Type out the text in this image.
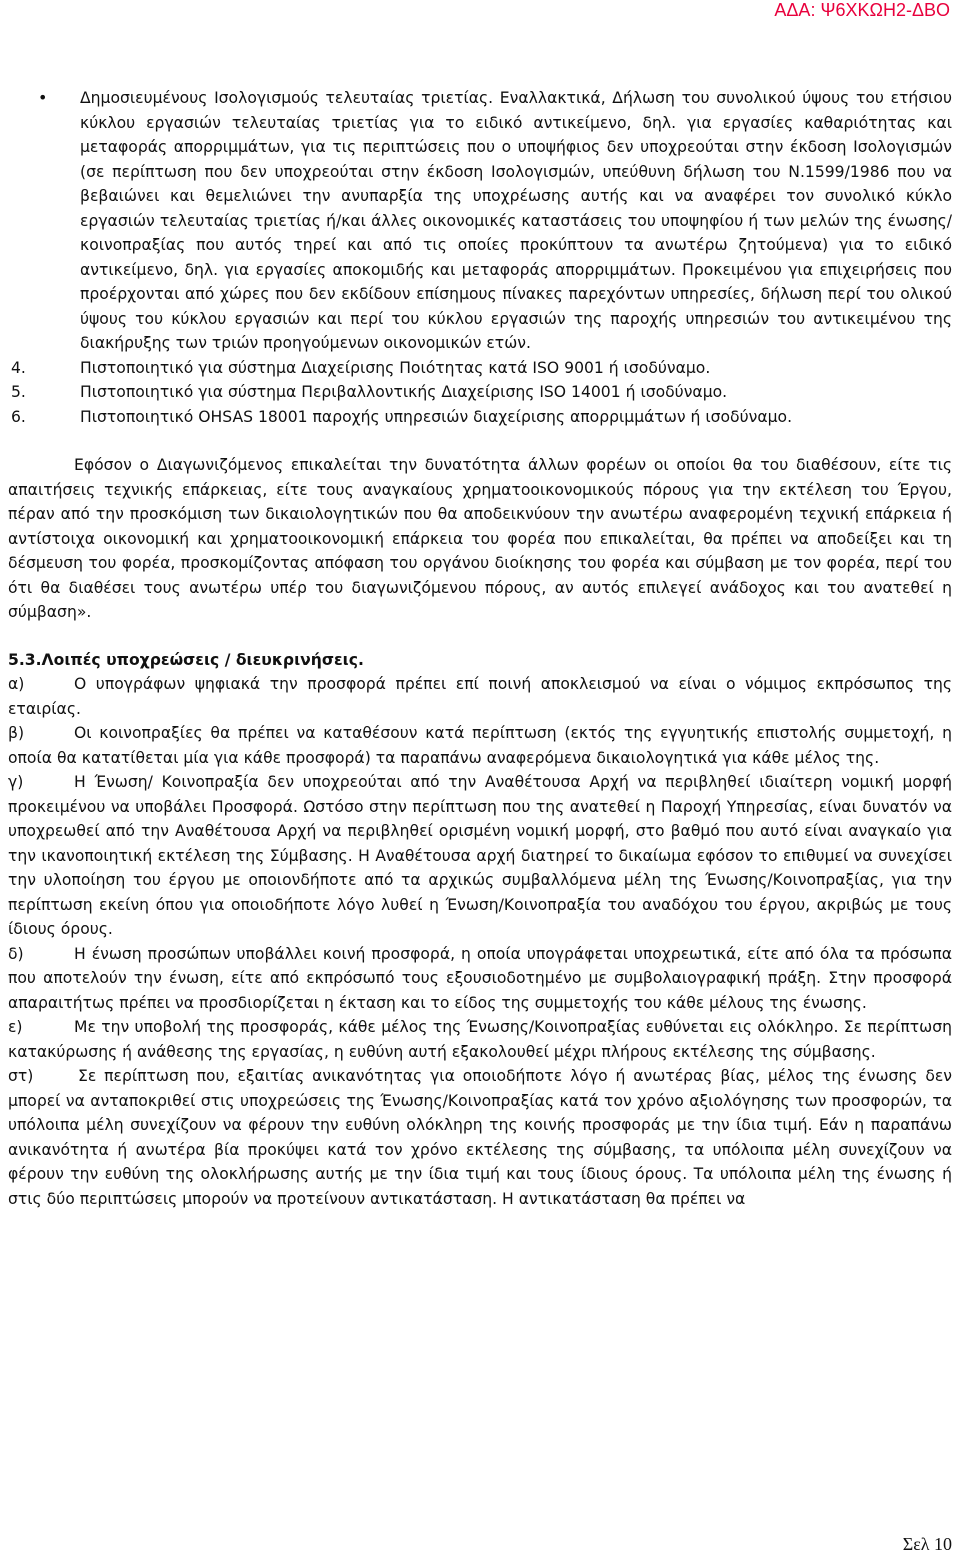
ΑΔΑ: Ψ6ΧΚΩΗ2-ΔΒΟ

• Δημοσιευμένους Ισολογισμούς τελευταίας τριετίας. Εναλλακτικά, Δήλωση του συνολικού ύψους του ετήσιου κύκλου εργασιών τελευταίας τριετίας για το ειδικό αντικείμενο, δηλ. για εργασίες καθαριότητας και μεταφοράς απορριμμάτων, για τις περιπτώσεις που ο υποψήφιος δεν υποχρεούται στην έκδοση Ισολογισμών (σε περίπτωση που δεν υποχρεούται στην έκδοση Ισολογισμών, υπεύθυνη δήλωση του Ν.1599/1986 που να βεβαιώνει και θεμελιώνει την ανυπαρξία της υποχρέωσης αυτής και να αναφέρει τον συνολικό κύκλο εργασιών τελευταίας τριετίας ή/και άλλες οικονομικές καταστάσεις του υποψηφίου ή των μελών της ένωσης/ κοινοπραξίας που αυτός τηρεί και από τις οποίες προκύπτουν τα ανωτέρω ζητούμενα) για το ειδικό αντικείμενο, δηλ. για εργασίες αποκομιδής και μεταφοράς απορριμμάτων. Προκειμένου για επιχειρήσεις που προέρχονται από χώρες που δεν εκδίδουν επίσημους πίνακες παρεχόντων υπηρεσίες, δήλωση περί του ολικού ύψους του κύκλου εργασιών και περί του κύκλου εργασιών της παροχής υπηρεσιών του αντικειμένου της διακήρυξης των τριών προηγούμενων οικονομικών ετών.

4.	Πιστοποιητικό για σύστημα Διαχείρισης Ποιότητας κατά ISO 9001 ή ισοδύναμο.
5.	Πιστοποιητικό για σύστημα Περιβαλλοντικής Διαχείρισης ISO 14001 ή ισοδύναμο.
6.	Πιστοποιητικό OHSAS 18001 παροχής υπηρεσιών διαχείρισης απορριμμάτων ή ισοδύναμο.

Εφόσον ο Διαγωνιζόμενος επικαλείται την δυνατότητα άλλων φορέων οι οποίοι θα του διαθέσουν, είτε τις απαιτήσεις τεχνικής επάρκειας, είτε τους αναγκαίους χρηματοοικονομικούς πόρους για την εκτέλεση του Έργου, πέραν από την προσκόμιση των δικαιολογητικών που θα αποδεικνύουν την ανωτέρω αναφερομένη τεχνική επάρκεια ή αντίστοιχα οικονομική και χρηματοοικονομική επάρκεια του φορέα που επικαλείται, θα πρέπει να αποδείξει και τη δέσμευση του φορέα, προσκομίζοντας απόφαση του οργάνου διοίκησης του φορέα και σύμβαση με τον φορέα, περί του ότι θα διαθέσει τους ανωτέρω υπέρ του διαγωνιζόμενου πόρους, αν αυτός επιλεγεί ανάδοχος και του ανατεθεί η σύμβαση».

5.3.Λοιπές υποχρεώσεις / διευκρινήσεις.

α)	Ο υπογράφων ψηφιακά την προσφορά πρέπει επί ποινή αποκλεισμού να είναι ο νόμιμος εκπρόσωπος της εταιρίας.

β)	Οι κοινοπραξίες θα πρέπει να καταθέσουν κατά περίπτωση (εκτός της εγγυητικής επιστολής συμμετοχή, η οποία θα κατατίθεται μία για κάθε προσφορά) τα παραπάνω αναφερόμενα δικαιολογητικά για κάθε μέλος της.

γ)	Η Ένωση/ Κοινοπραξία δεν υποχρεούται από την Αναθέτουσα Αρχή να περιβληθεί ιδιαίτερη νομική μορφή προκειμένου να υποβάλει Προσφορά. Ωστόσο στην περίπτωση που της ανατεθεί η Παροχή Υπηρεσίας, είναι δυνατόν να υποχρεωθεί από την Αναθέτουσα Αρχή να περιβληθεί ορισμένη νομική μορφή, στο βαθμό που αυτό είναι αναγκαίο για την ικανοποιητική εκτέλεση της Σύμβασης. Η Αναθέτουσα αρχή διατηρεί το δικαίωμα εφόσον το επιθυμεί να συνεχίσει την υλοποίηση του έργου με οποιονδήποτε από τα αρχικώς συμβαλλόμενα μέλη της Ένωσης/Κοινοπραξίας, για την περίπτωση εκείνη όπου για οποιοδήποτε λόγο λυθεί η Ένωση/Κοινοπραξία του αναδόχου του έργου, ακριβώς με τους ίδιους όρους.

δ)	Η ένωση προσώπων υποβάλλει κοινή προσφορά, η οποία υπογράφεται υποχρεωτικά, είτε από όλα τα πρόσωπα που αποτελούν την ένωση, είτε από εκπρόσωπό τους εξουσιοδοτημένο με συμβολαιογραφική πράξη. Στην προσφορά απαραιτήτως πρέπει να προσδιορίζεται η έκταση και το είδος της συμμετοχής του κάθε μέλους της ένωσης.

ε)	Με την υποβολή της προσφοράς, κάθε μέλος της Ένωσης/Κοινοπραξίας ευθύνεται εις ολόκληρο. Σε περίπτωση κατακύρωσης ή ανάθεσης της εργασίας, η ευθύνη αυτή εξακολουθεί μέχρι πλήρους εκτέλεσης της σύμβασης.

στ)	Σε περίπτωση που, εξαιτίας ανικανότητας για οποιοδήποτε λόγο ή ανωτέρας βίας, μέλος της ένωσης δεν μπορεί να ανταποκριθεί στις υποχρεώσεις της Ένωσης/Κοινοπραξίας κατά τον χρόνο αξιολόγησης των προσφορών, τα υπόλοιπα μέλη συνεχίζουν να φέρουν την ευθύνη ολόκληρη της κοινής προσφοράς με την ίδια τιμή. Εάν η παραπάνω ανικανότητα ή ανωτέρα βία προκύψει κατά τον χρόνο εκτέλεσης της σύμβασης, τα υπόλοιπα μέλη συνεχίζουν να φέρουν την ευθύνη της ολοκλήρωσης αυτής με την ίδια τιμή και τους ίδιους όρους. Τα υπόλοιπα μέλη της ένωσης ή στις δύο περιπτώσεις μπορούν να προτείνουν αντικατάσταση. Η αντικατάσταση θα πρέπει να

Σελ 10
